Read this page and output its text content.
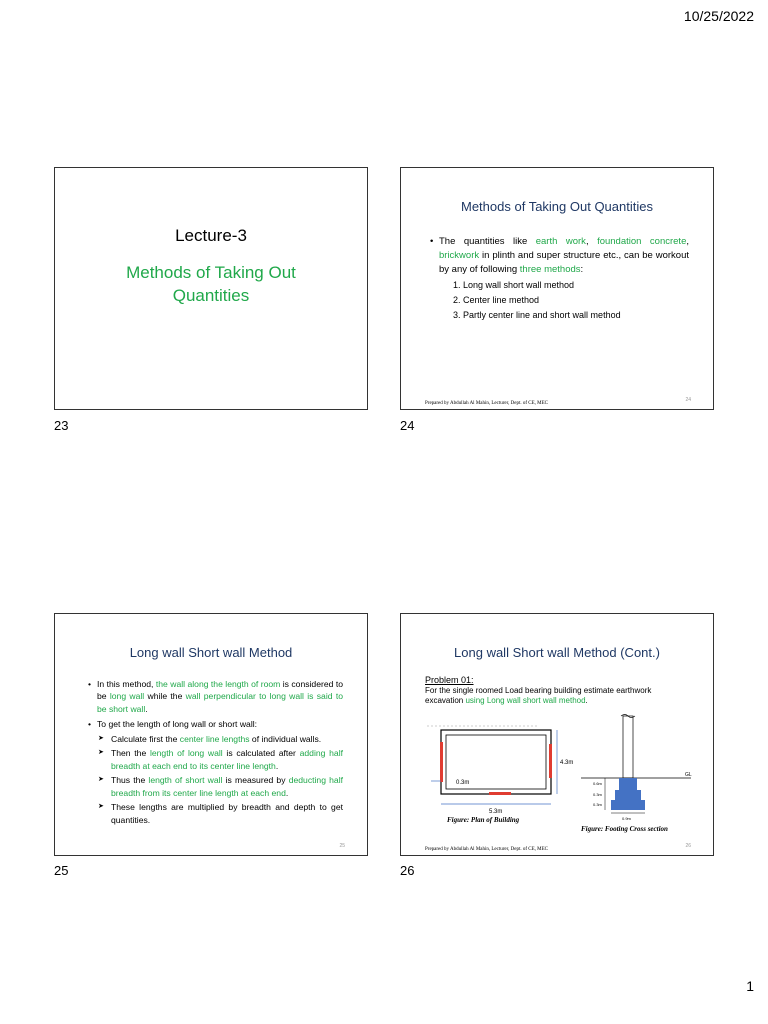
10/25/2022
1
Lecture-3
Methods of Taking Out Quantities
23
Methods of Taking Out Quantities
• The quantities like earth work, foundation concrete, brickwork in plinth and super structure etc., can be workout by any of following three methods:
1. Long wall short wall method
2. Center line method
3. Partly center line and short wall method
Prepared by Abdullah Al Mahin, Lecturer, Dept. of CE, MEC
24
24
Long wall Short wall Method
• In this method, the wall along the length of room is considered to be long wall while the wall perpendicular to long wall is said to be short wall.
• To get the length of long wall or short wall:
➤ Calculate first the center line lengths of individual walls.
➤ Then the length of long wall is calculated after adding half breadth at each end to its center line length.
➤ Thus the length of short wall is measured by deducting half breadth from its center line length at each end.
➤ These lengths are multiplied by breadth and depth to get quantities.
25
25
Long wall Short wall Method (Cont.)
Problem 01:
For the single roomed Load bearing building estimate earthwork excavation using Long wall short wall method.
4.3m
0.3m
5.3m
Figure: Plan of Building
GL
0.6m
0.3m
0.3m
0.9m
Figure: Footing Cross section
Prepared by Abdullah Al Mahin, Lecturer, Dept. of CE, MEC
26
26
